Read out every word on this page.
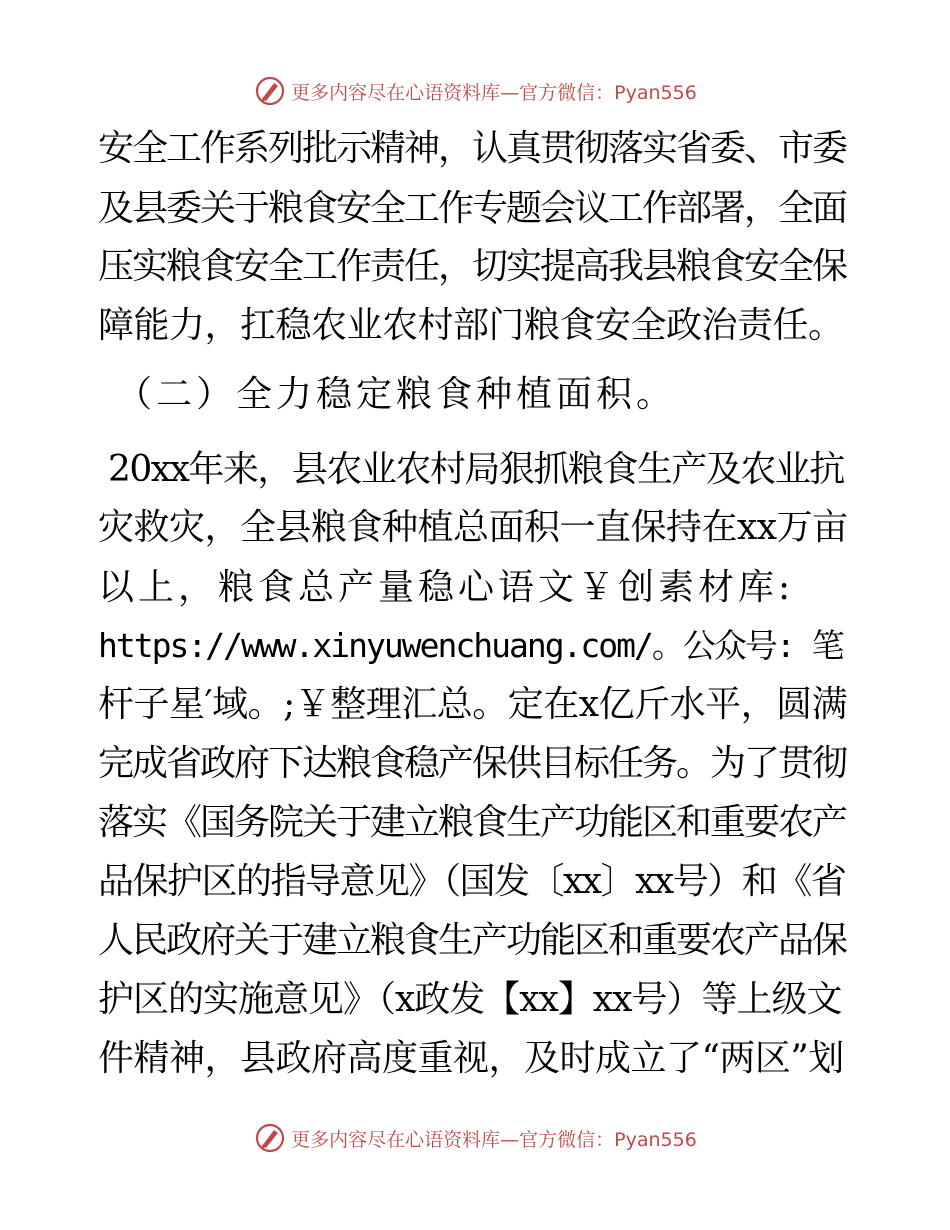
更多内容尽在心语资料库—官方微信：Pyan556
安全工作系列批示精神，认真贯彻落实省委、市委
及县委关于粮食安全工作专题会议工作部署，全面
压实粮食安全工作责任，切实提高我县粮食安全保
障能力，扛稳农业农村部门粮食安全政治责任。
（二）全力稳定粮食种植面积。
20xx年来，县农业农村局狠抓粮食生产及农业抗
灾救灾，全县粮食种植总面积一直保持在xx万亩
以上，粮食总产量稳心语文￥创素材库:
https://www.xinyuwenchuang.com/。公众号: 笔
杆子星′域。;￥整理汇总。定在x亿斤水平，圆满
完成省政府下达粮食稳产保供目标任务。为了贯彻
落实《国务院关于建立粮食生产功能区和重要农产
品保护区的指导意见》（国发〔xx〕xx号）和《省
人民政府关于建立粮食生产功能区和重要农产品保
护区的实施意见》（x政发【xx】xx号）等上级文
件精神，县政府高度重视，及时成立了“两区”划
更多内容尽在心语资料库—官方微信：Pyan556
